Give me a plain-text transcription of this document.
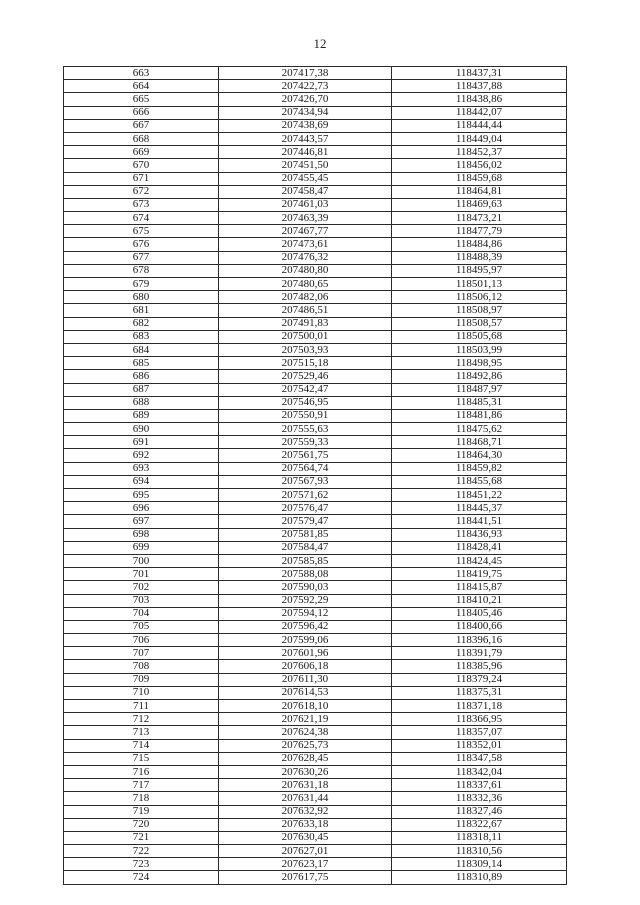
12
663	207417,38	118437,31
664	207422,73	118437,88
665	207426,70	118438,86
666	207434,94	118442,07
667	207438,69	118444,44
668	207443,57	118449,04
669	207446,81	118452,37
670	207451,50	118456,02
671	207455,45	118459,68
672	207458,47	118464,81
673	207461,03	118469,63
674	207463,39	118473,21
675	207467,77	118477,79
676	207473,61	118484,86
677	207476,32	118488,39
678	207480,80	118495,97
679	207480,65	118501,13
680	207482,06	118506,12
681	207486,51	118508,97
682	207491,83	118508,57
683	207500,01	118505,68
684	207503,93	118503,99
685	207515,18	118498,95
686	207529,46	118492,86
687	207542,47	118487,97
688	207546,95	118485,31
689	207550,91	118481,86
690	207555,63	118475,62
691	207559,33	118468,71
692	207561,75	118464,30
693	207564,74	118459,82
694	207567,93	118455,68
695	207571,62	118451,22
696	207576,47	118445,37
697	207579,47	118441,51
698	207581,85	118436,93
699	207584,47	118428,41
700	207585,85	118424,45
701	207588,08	118419,75
702	207590,03	118415,87
703	207592,29	118410,21
704	207594,12	118405,46
705	207596,42	118400,66
706	207599,06	118396,16
707	207601,96	118391,79
708	207606,18	118385,96
709	207611,30	118379,24
710	207614,53	118375,31
711	207618,10	118371,18
712	207621,19	118366,95
713	207624,38	118357,07
714	207625,73	118352,01
715	207628,45	118347,58
716	207630,26	118342,04
717	207631,18	118337,61
718	207631,44	118332,36
719	207632,92	118327,46
720	207633,18	118322,67
721	207630,45	118318,11
722	207627,01	118310,56
723	207623,17	118309,14
724	207617,75	118310,89
